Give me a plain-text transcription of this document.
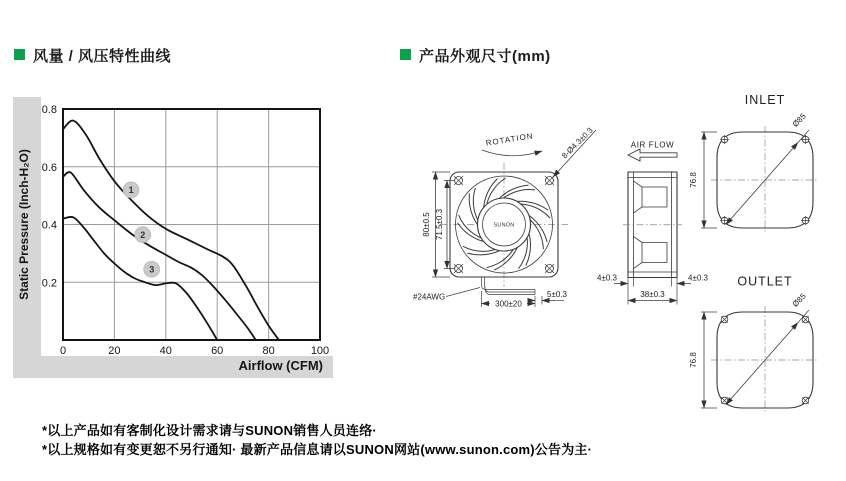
风量 / 风压特性曲线	产品外观尺寸(mm)
1
2
3
0.2
0.4
0.6
0.8
0	20	40	60	80	100
Static Pressure (Inch-H₂O)
Airflow (CFM)
SUNON
ROTATION	8-Ø4.3±0.3
80±0.5 71.5±0.3
#24AWG
300±20
5±0.3
AIR FLOW
4±0.3	4±0.3
38±0.3
INLET
Ø85
76.8
OUTLET
Ø85
76.8
*以上产品如有客制化设计需求请与SUNON销售人员连络·
*以上规格如有变更恕不另行通知· 最新产品信息请以SUNON网站(www.sunon.com)公告为主·
